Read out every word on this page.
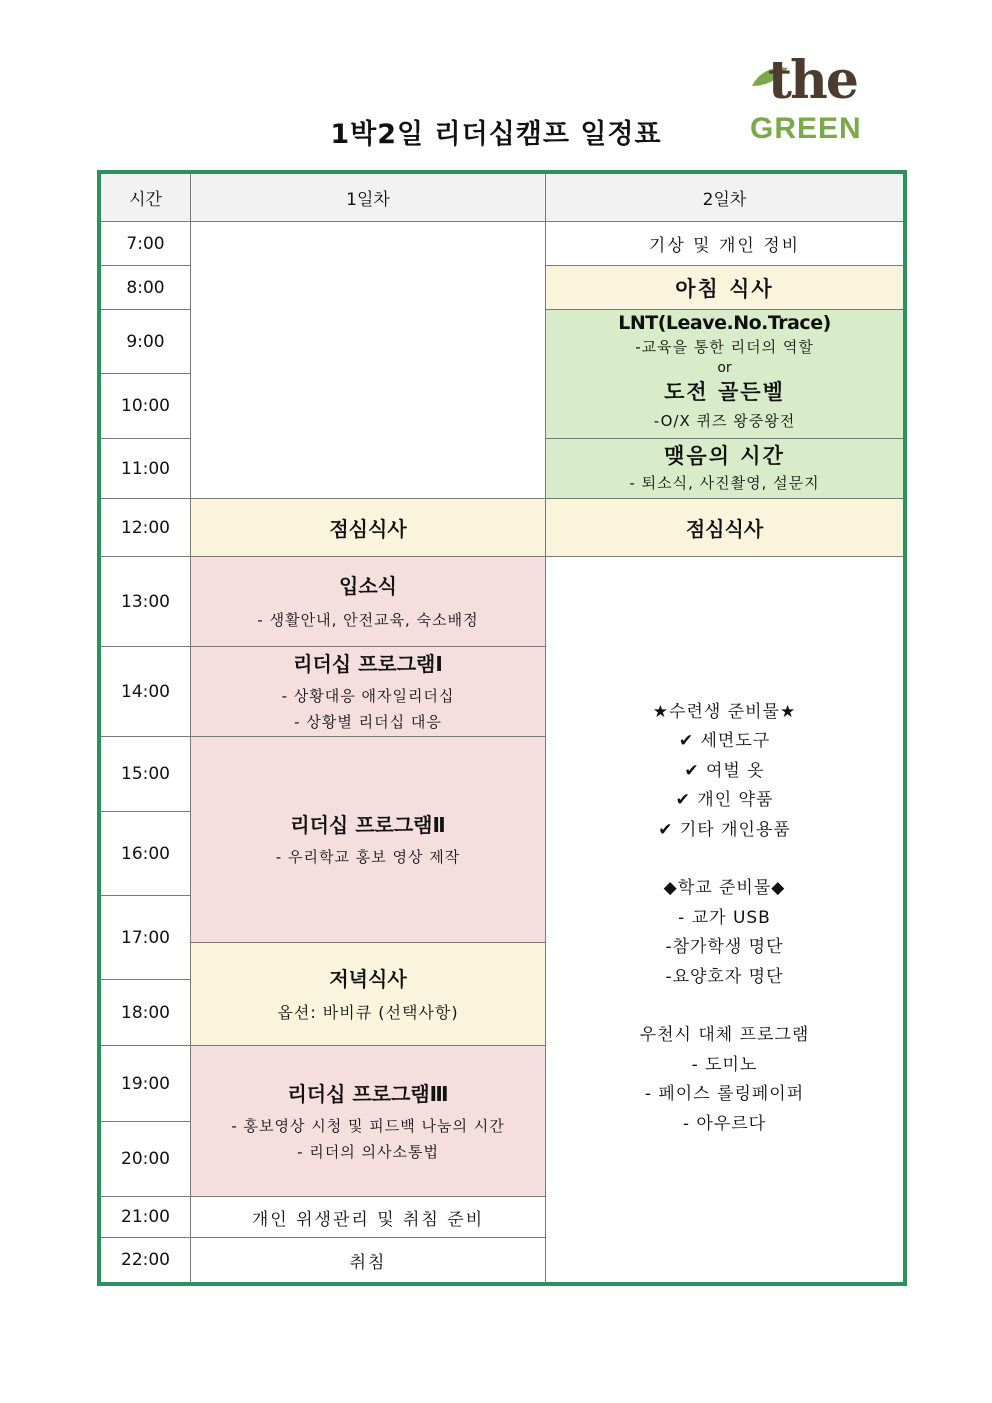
1박2일 리더십캠프 일정표
the
GREEN
시간	1일차	2일차
7:00
8:00
9:00
10:00
11:00
12:00
13:00
14:00
15:00
16:00
17:00
18:00
19:00
20:00
21:00
22:00
점심식사
입소식
- 생활안내, 안전교육, 숙소배정
리더십 프로그램Ⅰ
- 상황대응 애자일리더십
- 상황별 리더십 대응
리더십 프로그램Ⅱ
- 우리학교 홍보 영상 제작
저녁식사
옵션: 바비큐 (선택사항)
리더십 프로그램Ⅲ
- 홍보영상 시청 및 피드백 나눔의 시간
- 리더의 의사소통법
개인 위생관리 및 취침 준비
취침
기상 및 개인 정비
아침 식사
LNT(Leave.No.Trace)
-교육을 통한 리더의 역할
or
도전 골든벨
-O/X 퀴즈 왕중왕전
맺음의 시간
- 퇴소식, 사진촬영, 설문지
점심식사
★수련생 준비물★
✔ 세면도구
✔ 여벌 옷
✔ 개인 약품
✔ 기타 개인용품
◆학교 준비물◆
- 교가 USB
-참가학생 명단
-요양호자 명단
우천시 대체 프로그램
- 도미노
- 페이스 롤링페이퍼
- 아우르다
